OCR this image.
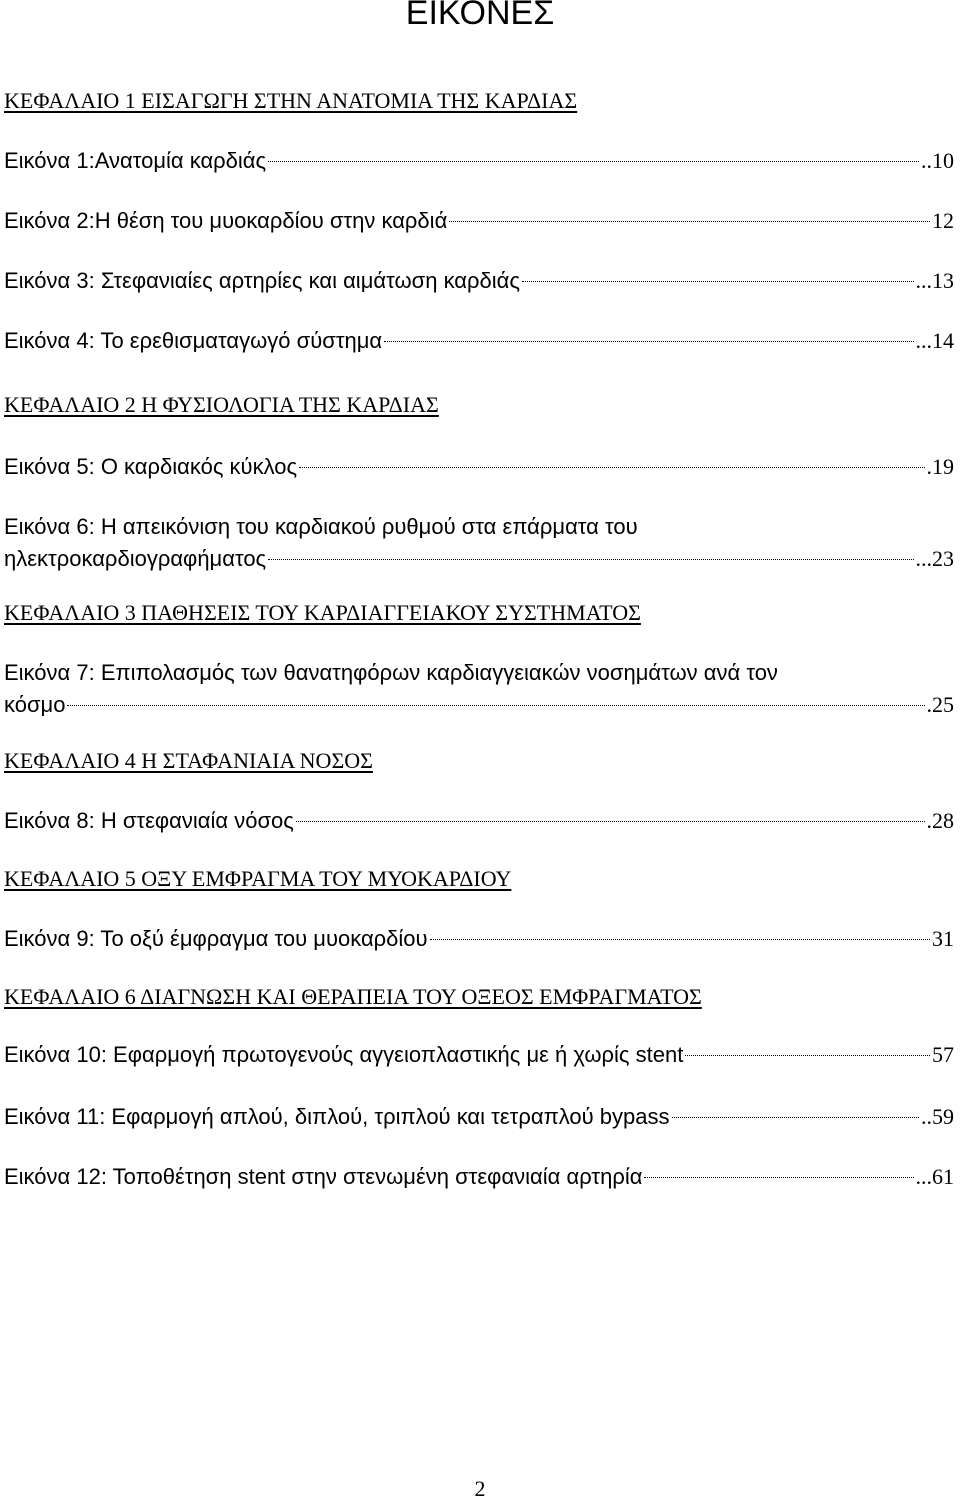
ΕΙΚΟΝΕΣ
ΚΕΦΑΛΑΙΟ 1 ΕΙΣΑΓΩΓΗ ΣΤΗΝ ΑΝΑΤΟΜΙΑ ΤΗΣ ΚΑΡΔΙΑΣ
Εικόνα 1:Ανατομία καρδιάς	.. 10
Εικόνα 2:Η θέση του μυοκαρδίου στην καρδιά	12
Εικόνα 3: Στεφανιαίες αρτηρίες και αιμάτωση καρδιάς	... 13
Εικόνα 4: Το ερεθισματαγωγό σύστημα	... 14
ΚΕΦΑΛΑΙΟ 2 Η ΦΥΣΙΟΛΟΓΙΑ ΤΗΣ ΚΑΡΔΙΑΣ
Εικόνα 5: Ο καρδιακός κύκλος	. 19
Εικόνα 6: Η απεικόνιση του καρδιακού ρυθμού στα επάρματα του
ηλεκτροκαρδιογραφήματος	... 23
ΚΕΦΑΛΑΙΟ 3 ΠΑΘΗΣΕΙΣ ΤΟΥ ΚΑΡΔΙΑΓΓΕΙΑΚΟΥ ΣΥΣΤΗΜΑΤΟΣ
Εικόνα 7: Επιπολασμός των θανατηφόρων καρδιαγγειακών νοσημάτων ανά τον
κόσμο	. 25
ΚΕΦΑΛΑΙΟ 4 Η ΣΤΑΦΑΝΙΑΙΑ ΝΟΣΟΣ
Εικόνα 8: Η στεφανιαία νόσος	. 28
ΚΕΦΑΛΑΙΟ 5 ΟΞΥ ΕΜΦΡΑΓΜΑ ΤΟΥ ΜΥΟΚΑΡΔΙΟΥ
Εικόνα 9: Το οξύ έμφραγμα του μυοκαρδίου	31
ΚΕΦΑΛΑΙΟ 6 ΔΙΑΓΝΩΣΗ ΚΑΙ ΘΕΡΑΠΕΙΑ ΤΟΥ ΟΞΕΟΣ ΕΜΦΡΑΓΜΑΤΟΣ
Εικόνα 10: Εφαρμογή πρωτογενούς αγγειοπλαστικής με ή χωρίς stent	57
Εικόνα 11: Εφαρμογή απλού, διπλού, τριπλού και τετραπλού bypass	.. 59
Εικόνα 12: Τοποθέτηση stent στην στενωμένη στεφανιαία αρτηρία	... 61
2
